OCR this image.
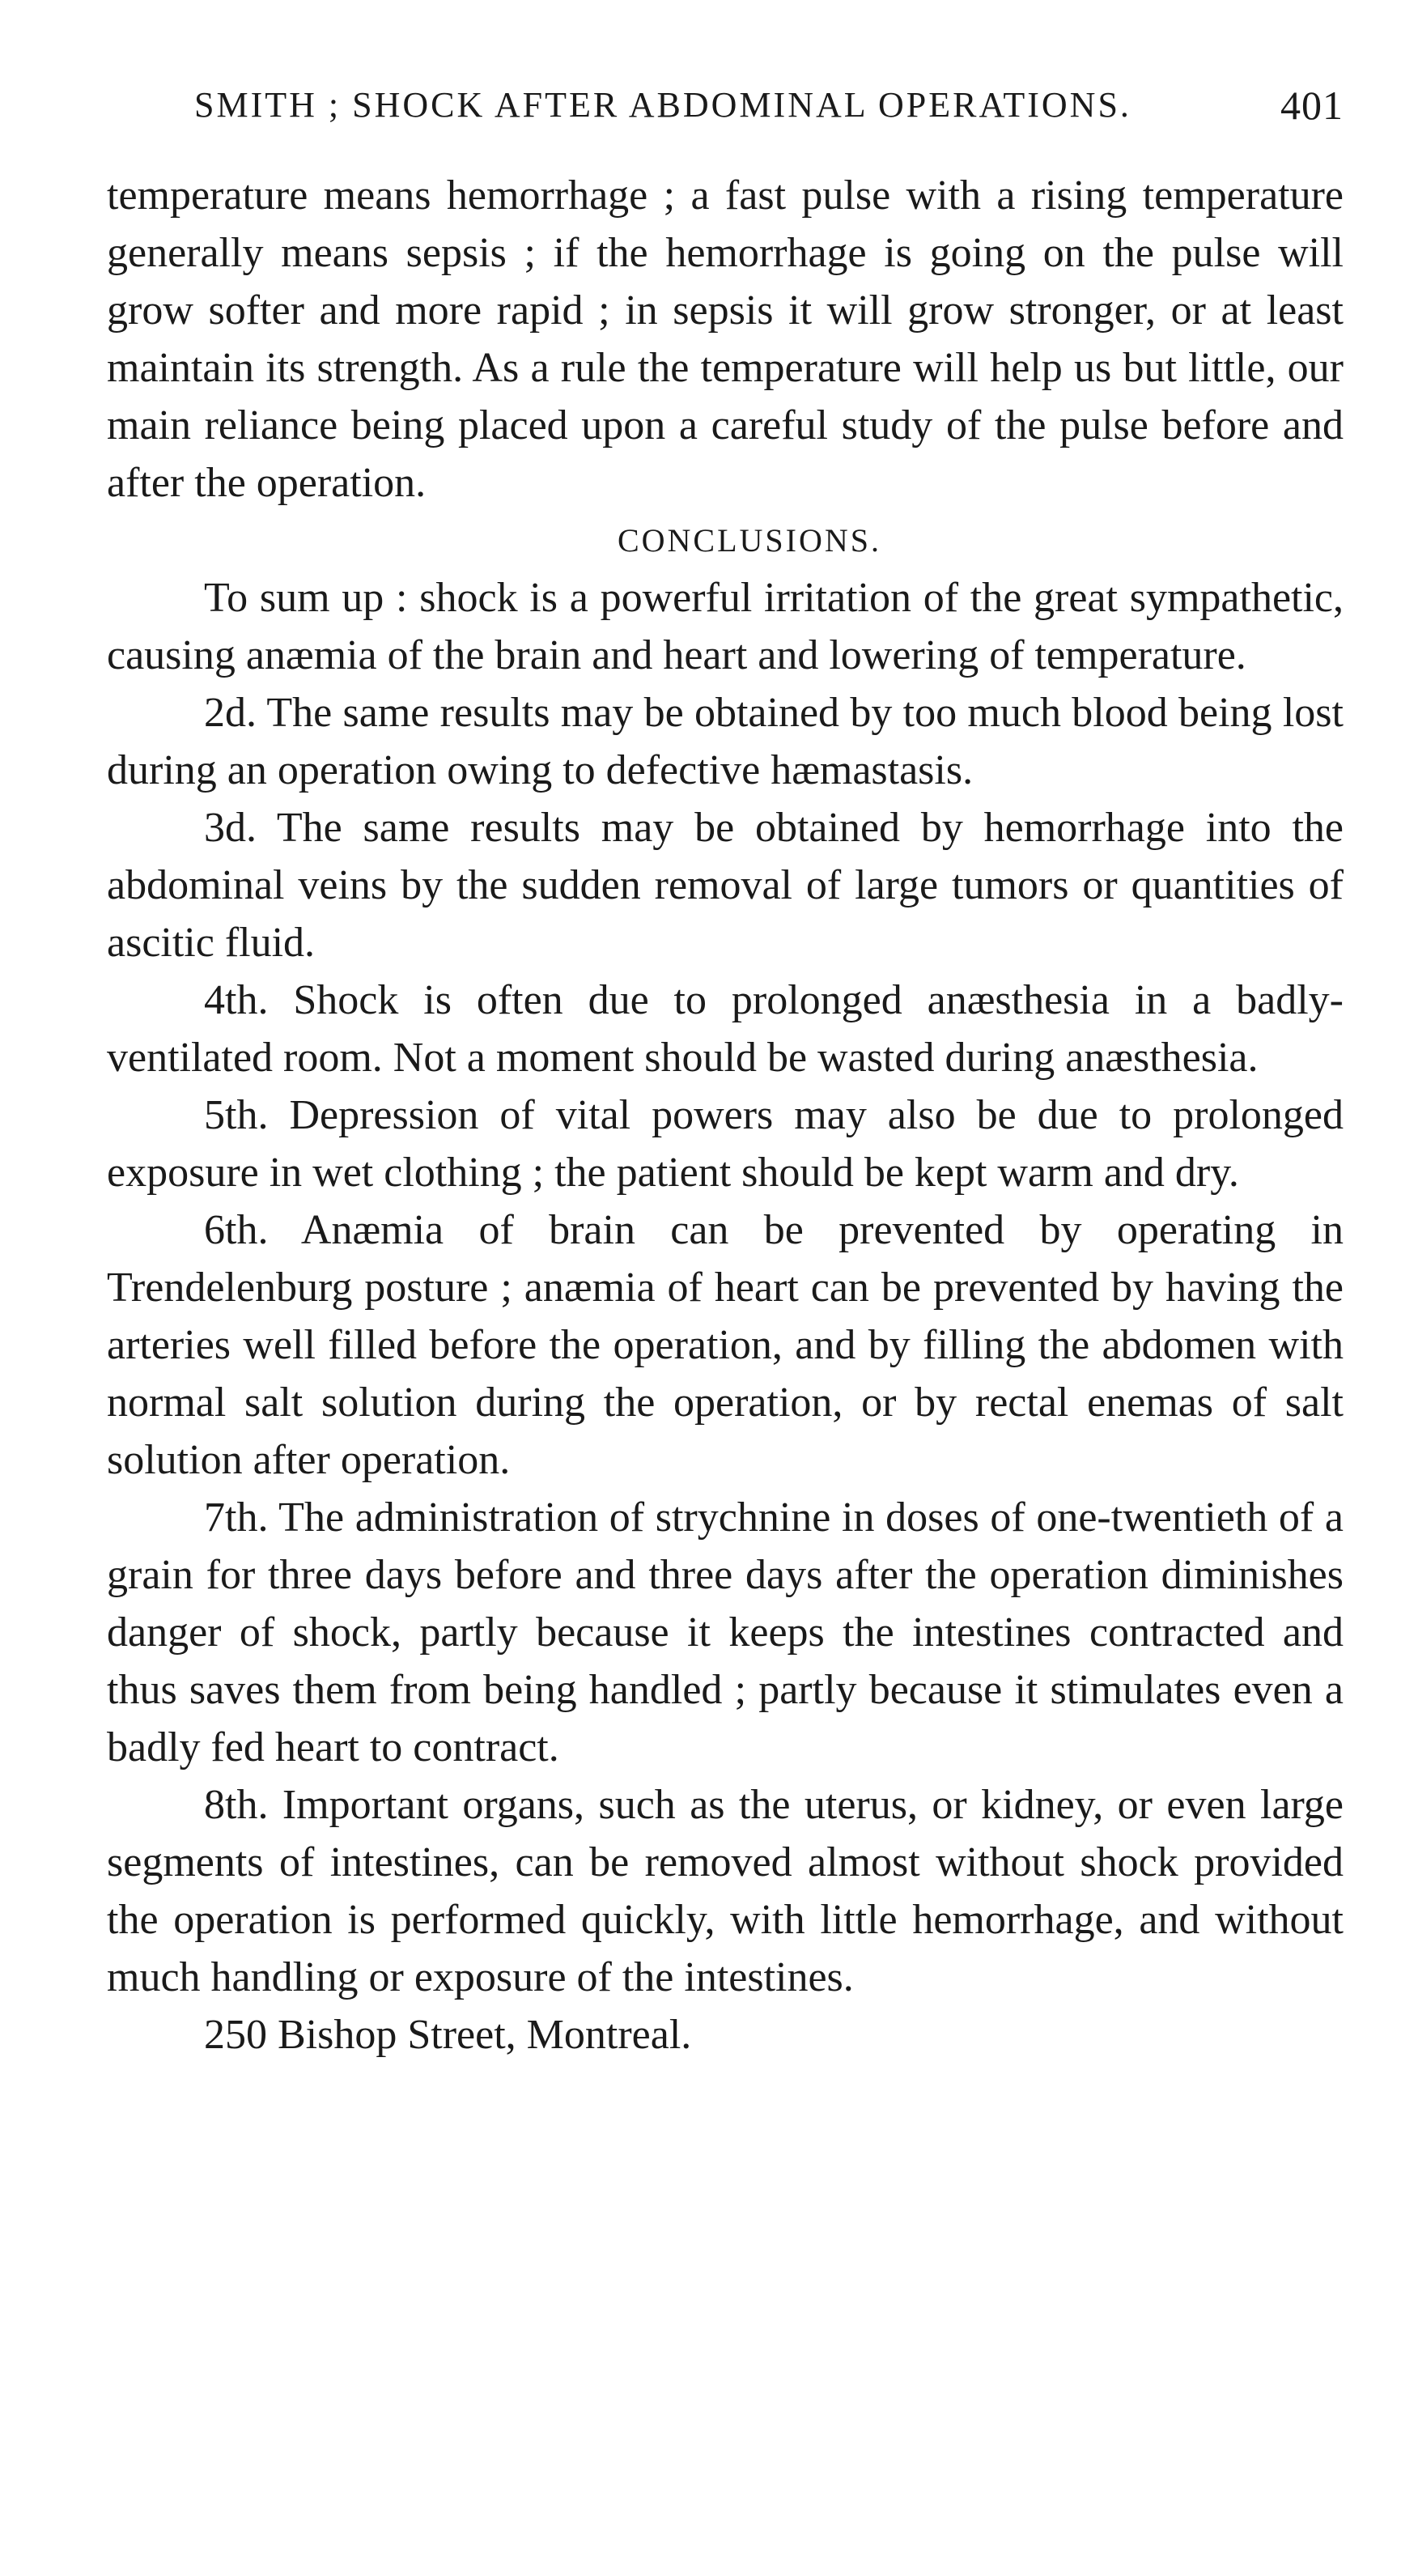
SMITH ; SHOCK AFTER ABDOMINAL OPERATIONS.	401

temperature means hemorrhage ; a fast pulse with a rising temperature generally means sepsis ; if the hemorrhage is going on the pulse will grow softer and more rapid ; in sepsis it will grow stronger, or at least maintain its strength. As a rule the temperature will help us but little, our main reliance being placed upon a careful study of the pulse before and after the operation.

CONCLUSIONS.

To sum up : shock is a powerful irritation of the great sympathetic, causing anæmia of the brain and heart and lowering of temperature.

2d. The same results may be obtained by too much blood being lost during an operation owing to defective hæmastasis.

3d. The same results may be obtained by hemorrhage into the abdominal veins by the sudden removal of large tumors or quantities of ascitic fluid.

4th. Shock is often due to prolonged anæsthesia in a badly-ventilated room. Not a moment should be wasted during anæsthesia.

5th. Depression of vital powers may also be due to prolonged exposure in wet clothing ; the patient should be kept warm and dry.

6th. Anæmia of brain can be prevented by operating in Trendelenburg posture ; anæmia of heart can be prevented by having the arteries well filled before the operation, and by filling the abdomen with normal salt solution during the operation, or by rectal enemas of salt solution after operation.

7th. The administration of strychnine in doses of one-twentieth of a grain for three days before and three days after the operation diminishes danger of shock, partly because it keeps the intestines contracted and thus saves them from being handled ; partly because it stimulates even a badly fed heart to contract.

8th. Important organs, such as the uterus, or kidney, or even large segments of intestines, can be removed almost without shock provided the operation is performed quickly, with little hemorrhage, and without much handling or exposure of the intestines.

250 Bishop Street, Montreal.
